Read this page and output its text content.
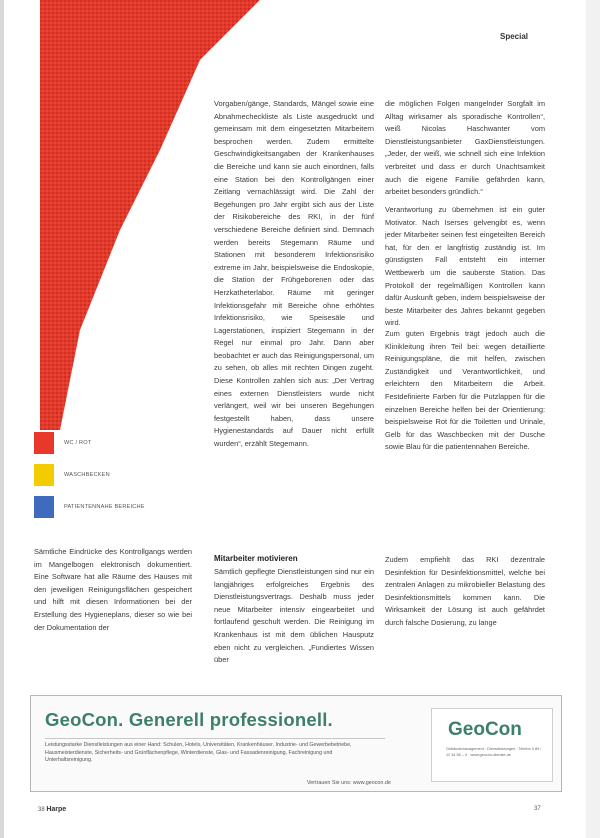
Special
WC / ROT
WASCHBECKEN
PATIENTENNAHE BEREICHE

Vorgaben/gänge, Standards, Mängel sowie eine Abnahmecheckliste als Liste ausgedruckt und gemeinsam mit dem eingesetzten Mitarbeitern besprochen werden. Zudem ermittelte Geschwindigkeitsangaben der Krankenhauses die Bereiche und kann sie auch einordnen, falls eine Station bei den Kontrollgängen einer Zeitlang vernachlässigt wird. Die Zahl der Begehungen pro Jahr ergibt sich aus der Liste der Risikobereiche des RKI, in der fünf verschiedene Bereiche definiert sind. Demnach werden bereits Stegemann Räume und Stationen mit besonderem Infektionsrisiko extreme im Jahr, beispielsweise die Endoskopie, die Station der Frühgeborenen oder das Herzkatheterlabor. Räume mit geringer Infektionsgefahr mit Bereiche ohne erhöhtes Infektionsrisiko, wie Speisesäle und Lagerstationen, inspiziert Stegemann in der Regel nur einmal pro Jahr. Dann aber beobachtet er auch das Reinigungspersonal, um zu sehen, ob alles mit rechten Dingen zugeht. Diese Kontrollen zahlen sich aus: „Der Vertrag eines externen Dienstleisters wurde nicht verlängert, weil wir bei unseren Begehungen festgestellt haben, dass unsere Hygienestandards auf Dauer nicht erfüllt wurden“, erzählt Stegemann.

die möglichen Folgen mangelnder Sorgfalt im Alltag wirksamer als sporadische Kontrollen“, weiß Nicolas Haschwanter vom Dienstleistungsanbieter GaxDienstleistungen. „Jeder, der weiß, wie schnell sich eine Infektion verbreitet und dass er durch Unachtsamkeit auch die eigene Familie gefährden kann, arbeitet besonders gründlich.“

Verantwortung zu übernehmen ist ein guter Motivator. Nach Iserses gelvengibt es, wenn jeder Mitarbeiter seinen fest eingeteilten Bereich hat, für den er langfristig zuständig ist. Im günstigsten Fall entsteht ein interner Wettbewerb um die sauberste Station. Das Protokoll der regelmäßigen Kontrollen kann dafür Auskunft geben, indem beispielsweise der beste Mitarbeiter des Jahres bekannt gegeben wird.

Zum guten Ergebnis trägt jedoch auch die Klinikleitung ihren Teil bei: wegen detaillierte Reinigungspläne, die mit helfen, zwischen Zuständigkeit und Verantwortlichkeit, und erleichtern den Mitarbeitern die Arbeit. Festdefinierte Farben für die Putzlappen für die einzelnen Bereiche helfen bei der Orientierung: beispielsweise Rot für die Toiletten und Urinale, Gelb für das Waschbecken mit der Dusche sowie Blau für die patientennahen Bereiche.

Zudem empfiehlt das RKI dezentrale Desinfektion für Desinfektionsmittel, welche bei zentralen Anlagen zu mikrobieller Belastung des Desinfektionsmittels kommen kann. Die Wirksamkeit der Lösung ist auch gefährdet durch falsche Dosierung, zu lange

Sämtliche Eindrücke des Kontrollgangs werden im Mangelbogen elektronisch dokumentiert. Eine Software hat alle Räume des Hauses mit den jeweiligen Reinigungsflächen gespeichert und hilft mit diesen Informationen bei der Erstellung des Hygieneplans, dieser so wie bei der Dokumentation der

Mitarbeiter motivieren

Sämtlich gepflegte Dienstleistungen sind nur ein langjähriges erfolgreiches Ergebnis des Dienstleistungsvertrags. Deshalb muss jeder neue Mitarbeiter intensiv eingearbeitet und fortlaufend geschult werden. Die Reinigung im Krankenhaus ist mit dem üblichen Hausputz eben nicht zu vergleichen. „Fundiertes Wissen über

GeoCon. Generell professionell.
Leistungsstarke Dienstleistungen aus einer Hand: Schulen, Hotels, Universitäten, Krankenhäuser, Industrie- und Gewerbebetriebe, Hausmeisterdienste, Sicherheits- und Grünflächenpflege, Winterdienste, Glas- und Fassadenreinigung, Fachreinigung und Unterhaltsreinigung.
Vertrauen Sie uns: www.geocon.de
GeoCon
Gebäudemanagement · Dienstleistungen · Telefon 0 89 / 12 34 56 – 0 · www.geocon-dienste.de
38 Harpe	37
